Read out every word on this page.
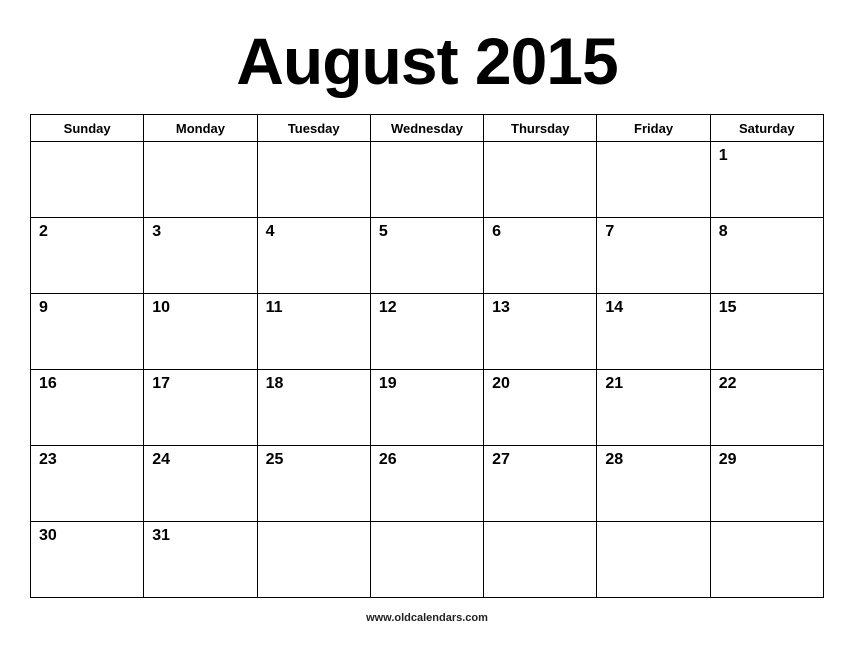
August 2015
Sunday	Monday	Tuesday	Wednesday	Thursday	Friday	Saturday

						1

2	3	4	5	6	7	8

9	10	11	12	13	14	15

16	17	18	19	20	21	22

23	24	25	26	27	28	29

30	31					

www.oldcalendars.com
